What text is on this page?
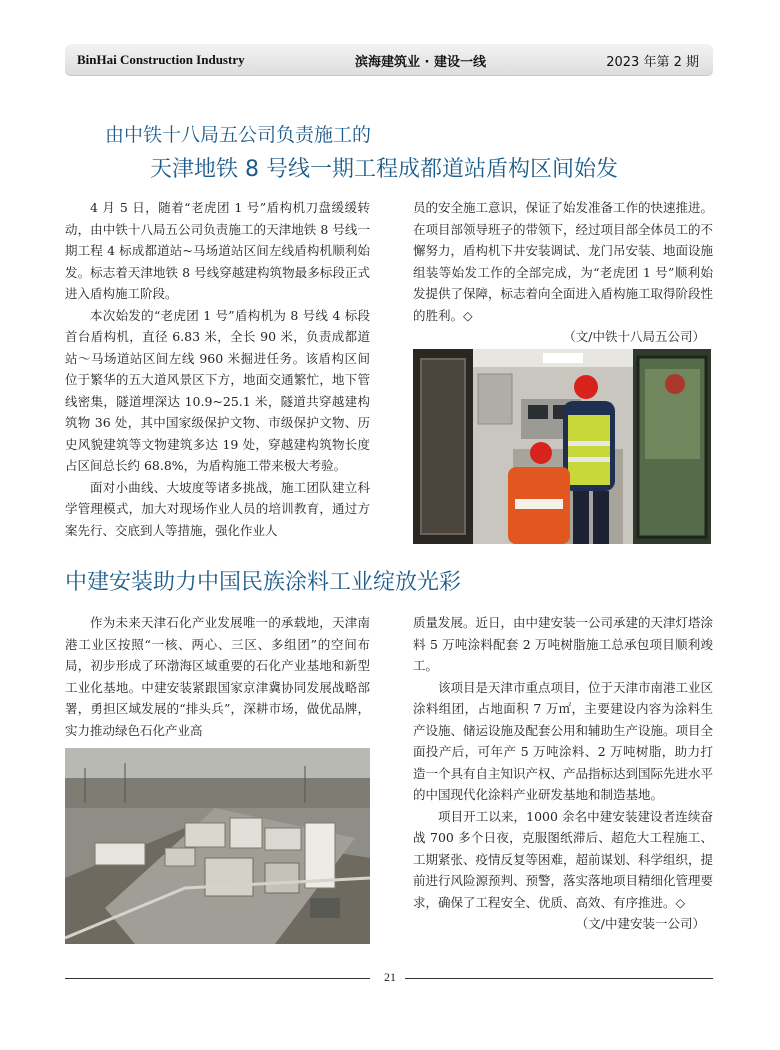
BinHai Construction Industry	滨海建筑业 · 建设一线	2023 年第 2 期
由中铁十八局五公司负责施工的
天津地铁 8 号线一期工程成都道站盾构区间始发

4 月 5 日，随着“老虎团 1 号”盾构机刀盘缓缓转动，由中铁十八局五公司负责施工的天津地铁 8 号线一期工程 4 标成都道站~马场道站区间左线盾构机顺利始发。标志着天津地铁 8 号线穿越建构筑物最多标段正式进入盾构施工阶段。

本次始发的“老虎团 1 号”盾构机为 8 号线 4 标段首台盾构机，直径 6.83 米，全长 90 米，负责成都道站～马场道站区间左线 960 米掘进任务。该盾构区间位于繁华的五大道风景区下方，地面交通繁忙，地下管线密集，隧道埋深达 10.9~25.1 米，隧道共穿越建构筑物 36 处，其中国家级保护文物、市级保护文物、历史风貌建筑等文物建筑多达 19 处，穿越建构筑物长度占区间总长约 68.8%，为盾构施工带来极大考验。

面对小曲线、大坡度等诸多挑战，施工团队建立科学管理模式，加大对现场作业人员的培训教育，通过方案先行、交底到人等措施，强化作业人

员的安全施工意识，保证了始发准备工作的快速推进。在项目部领导班子的带领下，经过项目部全体员工的不懈努力，盾构机下井安装调试、龙门吊安装、地面设施组装等始发工作的全部完成，为“老虎团 1 号”顺利始发提供了保障，标志着向全面进入盾构施工取得阶段性的胜利。◇

（文/中铁十八局五公司）
中建安装助力中国民族涂料工业绽放光彩

作为未来天津石化产业发展唯一的承载地，天津南港工业区按照“一核、两心、三区、多组团”的空间布局，初步形成了环渤海区域重要的石化产业基地和新型工业化基地。中建安装紧跟国家京津冀协同发展战略部署，勇担区域发展的“排头兵”，深耕市场，做优品牌，实力推动绿色石化产业高

质量发展。近日，由中建安装一公司承建的天津灯塔涂料 5 万吨涂料配套 2 万吨树脂施工总承包项目顺利竣工。

该项目是天津市重点项目，位于天津市南港工业区涂料组团，占地面积 7 万㎡，主要建设内容为涂料生产设施、储运设施及配套公用和辅助生产设施。项目全面投产后，可年产 5 万吨涂料、2 万吨树脂，助力打造一个具有自主知识产权、产品指标达到国际先进水平的中国现代化涂料产业研发基地和制造基地。

项目开工以来，1000 余名中建安装建设者连续奋战 700 多个日夜，克服图纸滞后、超危大工程施工、工期紧张、疫情反复等困难，超前谋划、科学组织，提前进行风险源预判、预警，落实落地项目精细化管理要求，确保了工程安全、优质、高效、有序推进。◇

（文/中建安装一公司）
21
